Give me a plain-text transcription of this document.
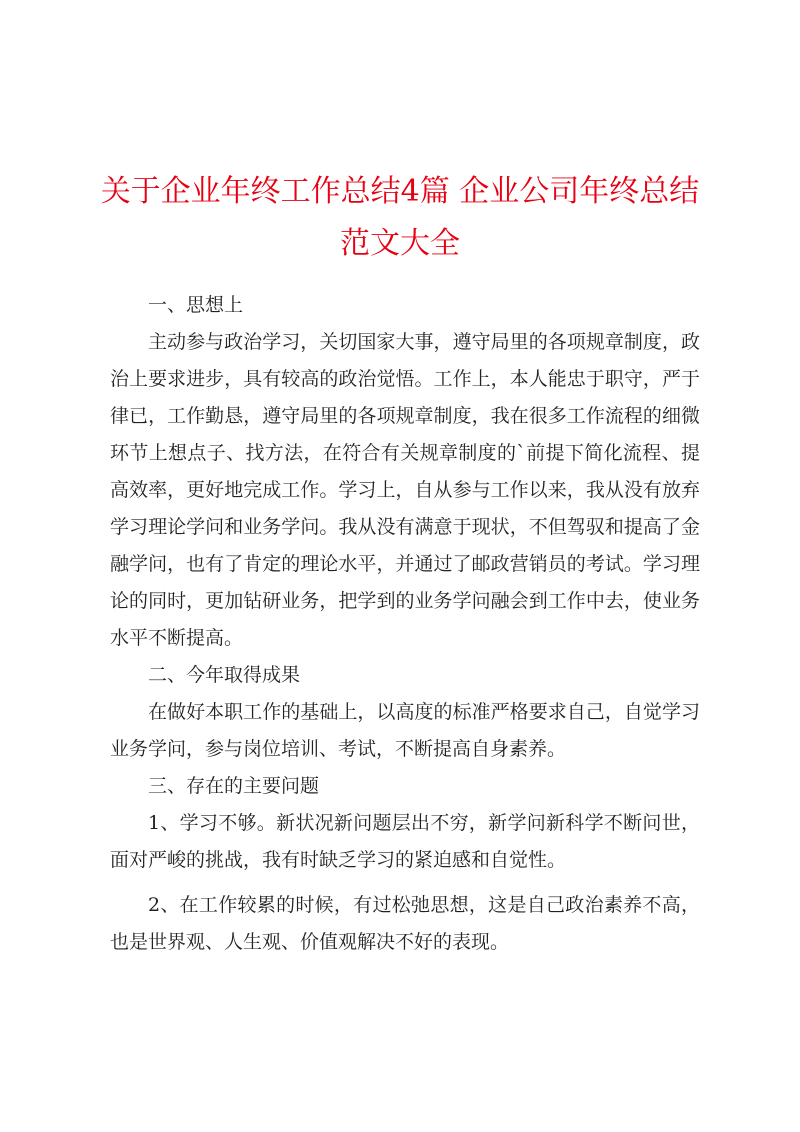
关于企业年终工作总结4篇 企业公司年终总结范文大全

一、思想上

主动参与政治学习，关切国家大事，遵守局里的各项规章制度，政治上要求进步，具有较高的政治觉悟。工作上，本人能忠于职守，严于律已，工作勤恳，遵守局里的各项规章制度，我在很多工作流程的细微环节上想点子、找方法，在符合有关规章制度的`前提下简化流程、提高效率，更好地完成工作。学习上，自从参与工作以来，我从没有放弃学习理论学问和业务学问。我从没有满意于现状，不但驾驭和提高了金融学问，也有了肯定的理论水平，并通过了邮政营销员的考试。学习理论的同时，更加钻研业务，把学到的业务学问融会到工作中去，使业务水平不断提高。

二、今年取得成果

在做好本职工作的基础上，以高度的标准严格要求自己，自觉学习业务学问，参与岗位培训、考试，不断提高自身素养。

三、存在的主要问题

1、学习不够。新状况新问题层出不穷，新学问新科学不断问世，面对严峻的挑战，我有时缺乏学习的紧迫感和自觉性。

2、在工作较累的时候，有过松弛思想，这是自己政治素养不高，也是世界观、人生观、价值观解决不好的表现。
